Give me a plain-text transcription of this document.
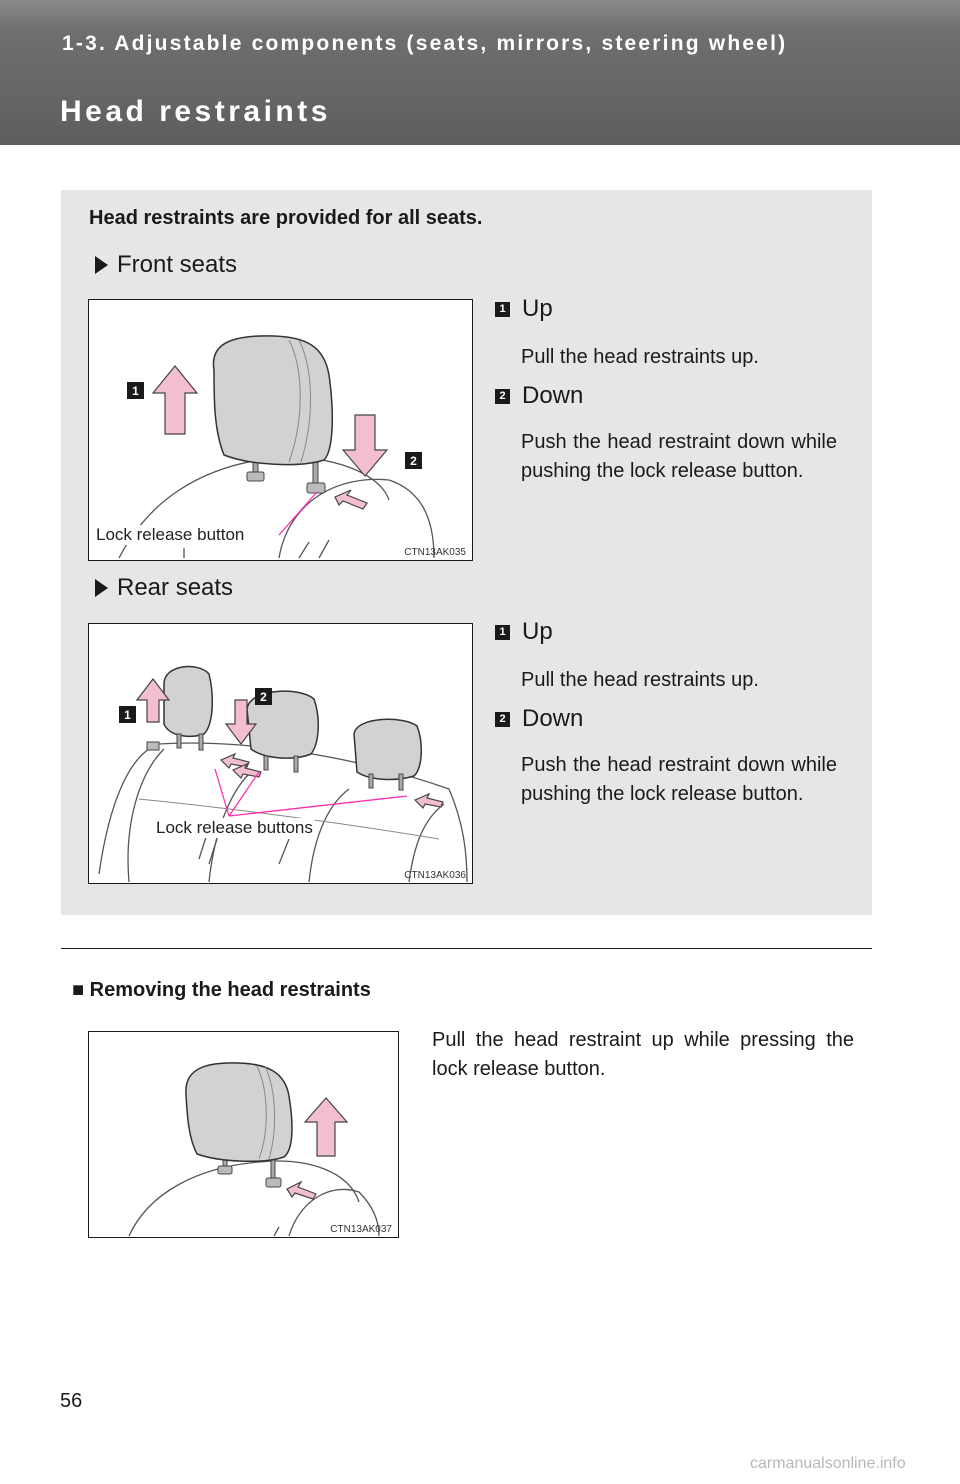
1-3. Adjustable components (seats, mirrors, steering wheel)
Head restraints
Head restraints are provided for all seats.
Front seats
1
2
Lock release button
CTN13AK035
1 Up
Pull the head restraints up.
2 Down
Push the head restraint down while pushing the lock release button.
Rear seats
1
2
Lock release buttons
CTN13AK036
1 Up
Pull the head restraints up.
2 Down
Push the head restraint down while pushing the lock release button.
■ Removing the head restraints
Pull the head restraint up while pressing the lock release button.
CTN13AK037
56
carmanualsonline.info
